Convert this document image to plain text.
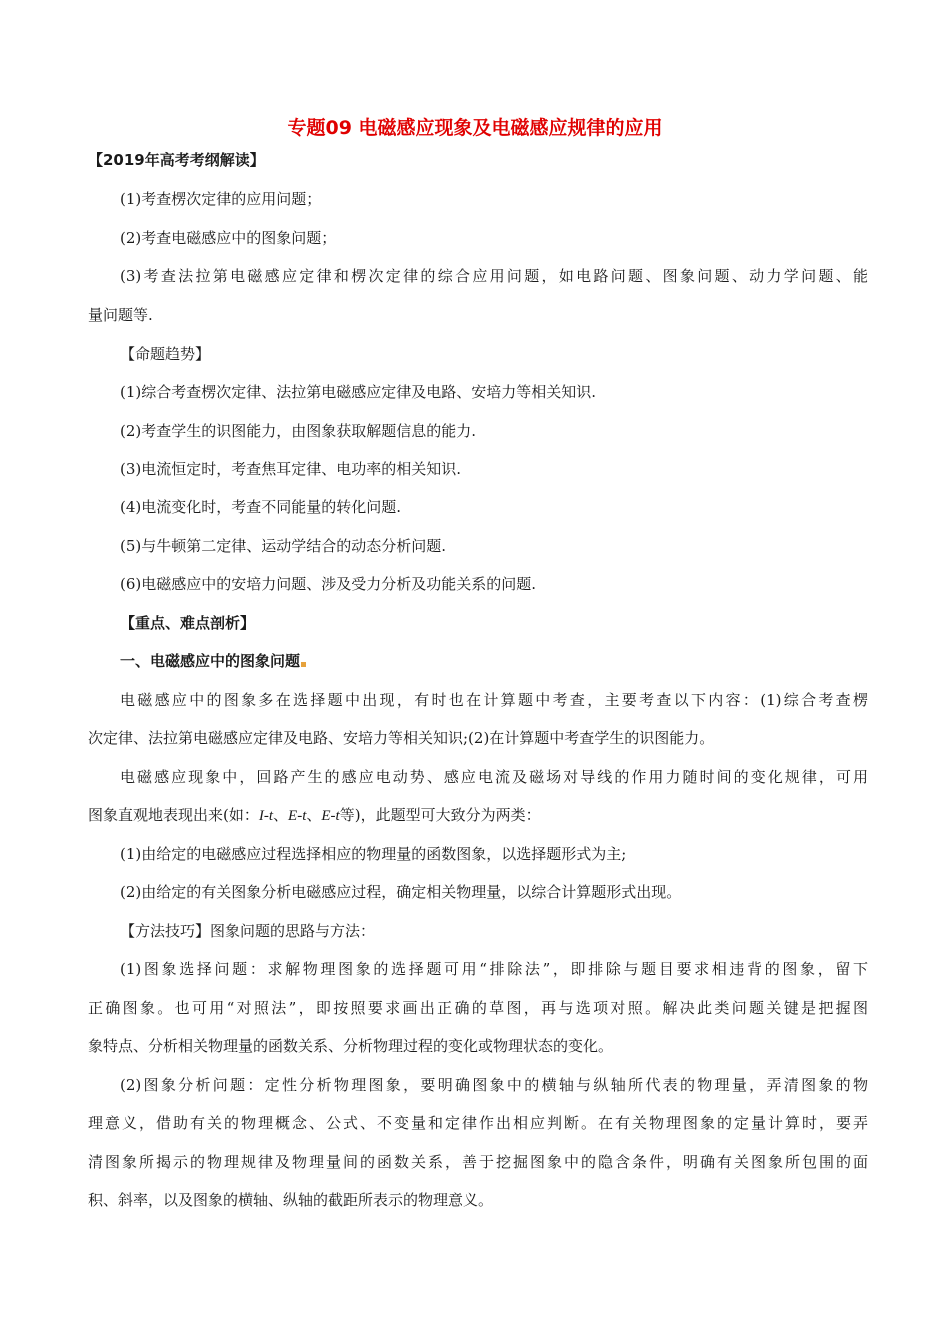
专题09 电磁感应现象及电磁感应规律的应用
【2019年高考考纲解读】
(1)考查楞次定律的应用问题；
(2)考查电磁感应中的图象问题；
(3)考查法拉第电磁感应定律和楞次定律的综合应用问题，如电路问题、图象问题、动力学问题、能
量问题等.
【命题趋势】
(1)综合考查楞次定律、法拉第电磁感应定律及电路、安培力等相关知识.
(2)考查学生的识图能力，由图象获取解题信息的能力.
(3)电流恒定时，考查焦耳定律、电功率的相关知识.
(4)电流变化时，考查不同能量的转化问题.
(5)与牛顿第二定律、运动学结合的动态分析问题.
(6)电磁感应中的安培力问题、涉及受力分析及功能关系的问题.
【重点、难点剖析】
一、电磁感应中的图象问题
电磁感应中的图象多在选择题中出现，有时也在计算题中考查，主要考查以下内容：(1)综合考查楞
次定律、法拉第电磁感应定律及电路、安培力等相关知识;(2)在计算题中考查学生的识图能力。
电磁感应现象中，回路产生的感应电动势、感应电流及磁场对导线的作用力随时间的变化规律，可用
图象直观地表现出来(如：I-t、E-t、E-t等)，此题型可大致分为两类：
(1)由给定的电磁感应过程选择相应的物理量的函数图象，以选择题形式为主;
(2)由给定的有关图象分析电磁感应过程，确定相关物理量，以综合计算题形式出现。
【方法技巧】图象问题的思路与方法：
(1)图象选择问题：求解物理图象的选择题可用“排除法”，即排除与题目要求相违背的图象，留下
正确图象。也可用“对照法”，即按照要求画出正确的草图，再与选项对照。解决此类问题关键是把握图
象特点、分析相关物理量的函数关系、分析物理过程的变化或物理状态的变化。
(2)图象分析问题：定性分析物理图象，要明确图象中的横轴与纵轴所代表的物理量，弄清图象的物
理意义，借助有关的物理概念、公式、不变量和定律作出相应判断。在有关物理图象的定量计算时，要弄
清图象所揭示的物理规律及物理量间的函数关系，善于挖掘图象中的隐含条件，明确有关图象所包围的面
积、斜率，以及图象的横轴、纵轴的截距所表示的物理意义。
